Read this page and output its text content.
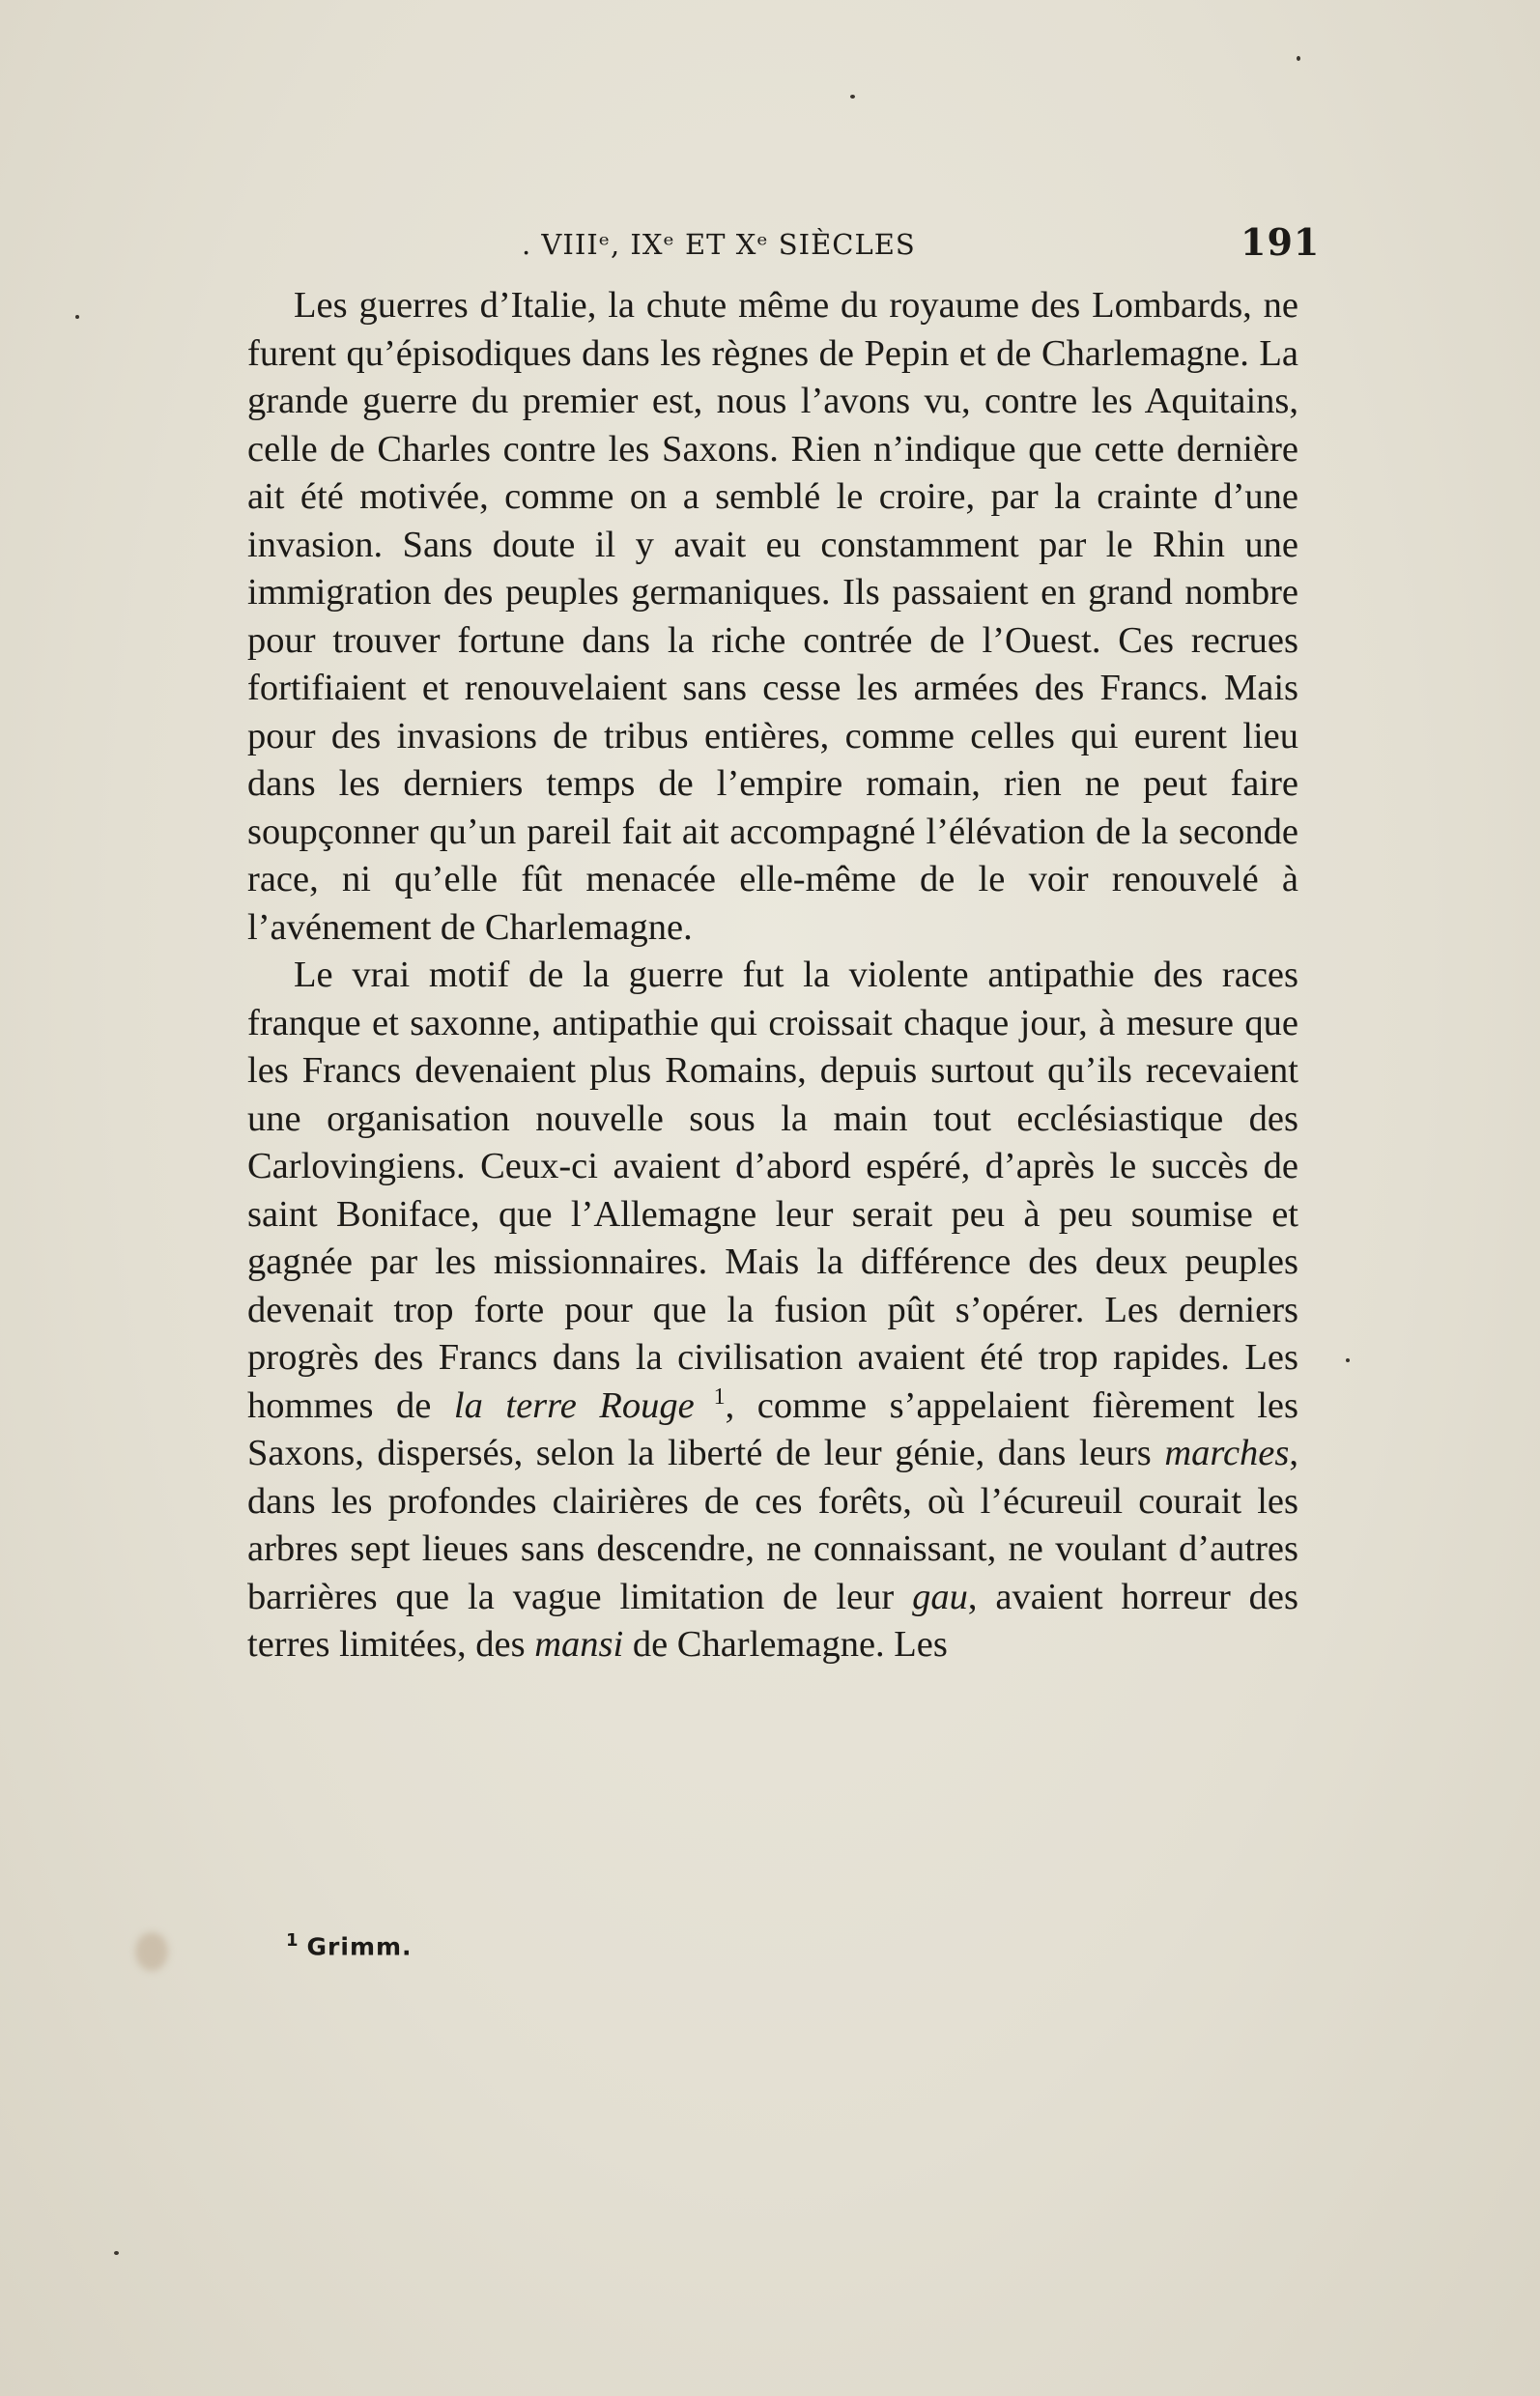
. VIIIᵉ, IXᵉ ET Xᵉ SIÈCLES	191

Les guerres d’Italie, la chute même du royaume des Lombards, ne furent qu’épisodiques dans les règnes de Pepin et de Charlemagne. La grande guerre du premier est, nous l’avons vu, contre les Aquitains, celle de Charles contre les Saxons. Rien n’indique que cette dernière ait été motivée, comme on a semblé le croire, par la crainte d’une invasion. Sans doute il y avait eu constamment par le Rhin une immigration des peuples germaniques. Ils passaient en grand nombre pour trouver fortune dans la riche contrée de l’Ouest. Ces recrues fortifiaient et renouvelaient sans cesse les armées des Francs. Mais pour des invasions de tribus entières, comme celles qui eurent lieu dans les derniers temps de l’empire romain, rien ne peut faire soupçonner qu’un pareil fait ait accompagné l’élévation de la seconde race, ni qu’elle fût menacée elle-même de le voir renouvelé à l’avénement de Charlemagne.

Le vrai motif de la guerre fut la violente antipathie des races franque et saxonne, antipathie qui croissait chaque jour, à mesure que les Francs devenaient plus Romains, depuis surtout qu’ils recevaient une organisation nouvelle sous la main tout ecclésiastique des Carlovingiens. Ceux-ci avaient d’abord espéré, d’après le succès de saint Boniface, que l’Allemagne leur serait peu à peu soumise et gagnée par les missionnaires. Mais la différence des deux peuples devenait trop forte pour que la fusion pût s’opérer. Les derniers progrès des Francs dans la civilisation avaient été trop rapides. Les hommes de la terre Rouge $^1$, comme s’appelaient fièrement les Saxons, dispersés, selon la liberté de leur génie, dans leurs marches, dans les profondes clairières de ces forêts, où l’écureuil courait les arbres sept lieues sans descendre, ne connaissant, ne voulant d’autres barrières que la vague limitation de leur gau, avaient horreur des terres limitées, des mansi de Charlemagne. Les

$^1$ Grimm.
